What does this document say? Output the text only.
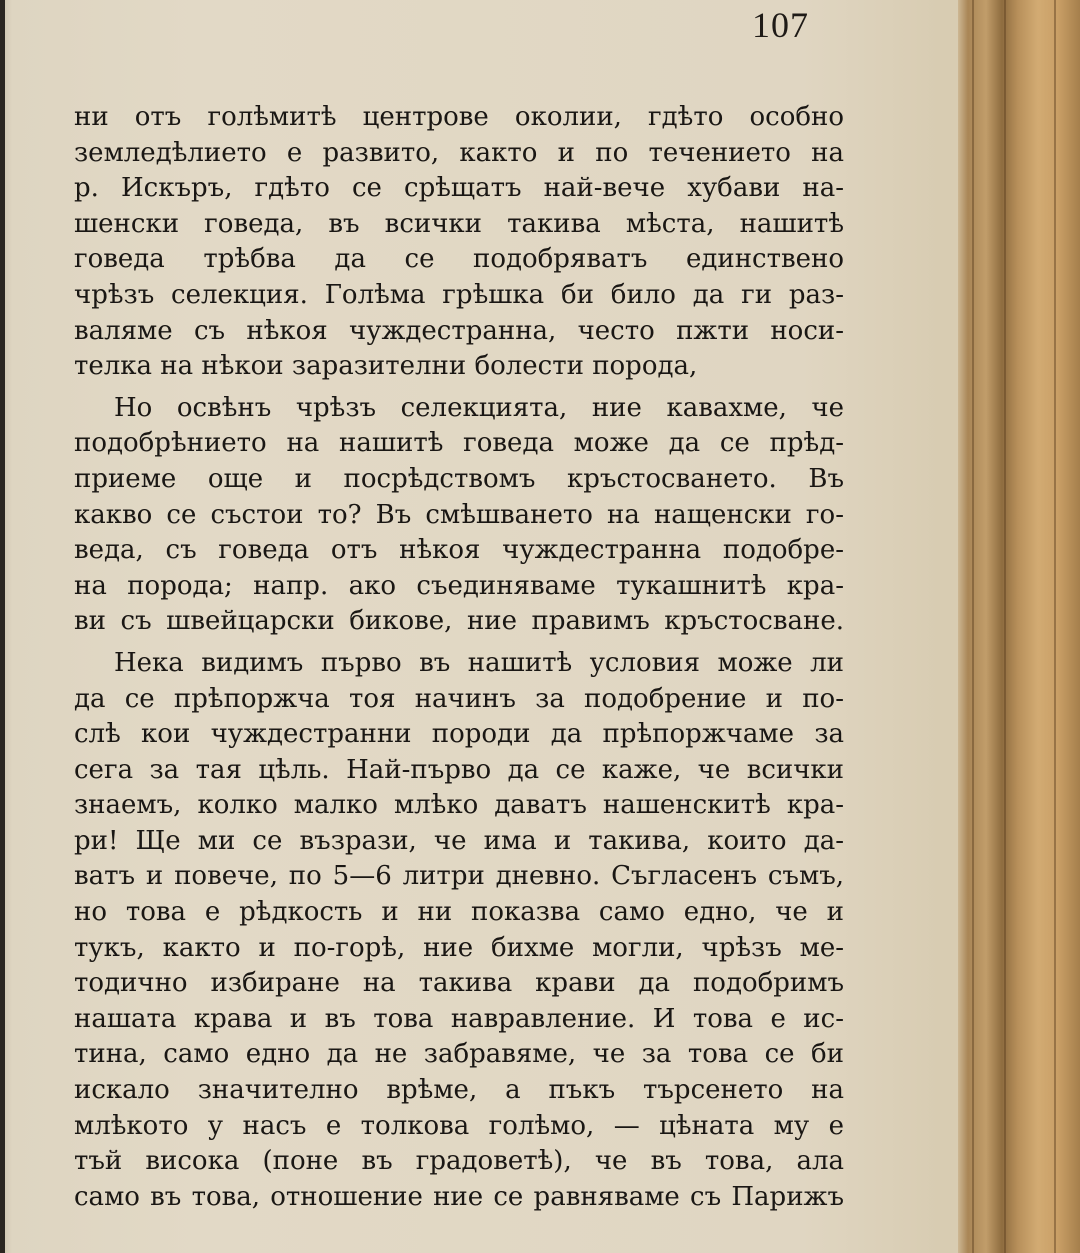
107
ни отъ голѣмитѣ центрове околии, гдѣто особно
земледѣлието е развито, както и по течението на
р. Искъръ, гдѣто се срѣщатъ най-вече хубави на-
шенски говеда, въ всички такива мѣста, нашитѣ
говеда трѣбва да се подобряватъ единствено
чрѣзъ селекция. Голѣма грѣшка би било да ги раз-
валяме съ нѣкоя чуждестранна, често пжти носи-
телка на нѣкои заразителни болести порода,
Но освѣнъ чрѣзъ селекцията, ние кавахме, че
подобрѣнието на нашитѣ говеда може да се прѣд-
приеме още и посрѣдствомъ кръстосването. Въ
какво се състои то? Въ смѣшването на нащенски го-
веда, съ говеда отъ нѣкоя чуждестранна подобре-
на порода; напр. ако съединяваме тукашнитѣ кра-
ви съ швейцарски бикове, ние правимъ кръстосване.
Нека видимъ първо въ нашитѣ условия може ли
да се прѣпоржча тоя начинъ за подобрение и по-
слѣ кои чуждестранни породи да прѣпоржчаме за
сега за тая цѣль. Най-първо да се каже, че всички
знаемъ, колко малко млѣко даватъ нашенскитѣ кра-
ри! Ще ми се възрази, че има и такива, които да-
ватъ и повече, по 5—6 литри дневно. Съгласенъ съмъ,
но това е рѣдкость и ни показва само едно, че и
тукъ, както и по-горѣ, ние бихме могли, чрѣзъ ме-
тодично избиране на такива крави да подобримъ
нашата крава и въ това навравление. И това е ис-
тина, само едно да не забравяме, че за това се би
искало значително врѣме, а пъкъ търсенето на
млѣкото у насъ е толкова голѣмо, — цѣната му е
тъй висока (поне въ градоветѣ), че въ това, ала
само въ това, отношение ние се равняваме съ Парижъ
